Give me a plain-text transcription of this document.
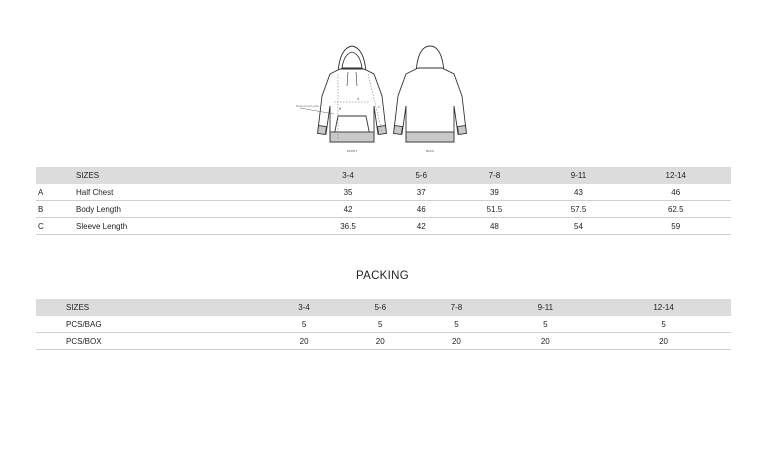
A
B	C
Measurement guide
FRONT	BACK
	SIZES	3-4	5-6	7-8	9-11	12-14
A	Half Chest	35	37	39	43	46
B	Body Length	42	46	51.5	57.5	62.5
C	Sleeve Length	36.5	42	48	54	59
PACKING
SIZES	3-4	5-6	7-8	9-11	12-14
PCS/BAG	5	5	5	5	5
PCS/BOX	20	20	20	20	20
